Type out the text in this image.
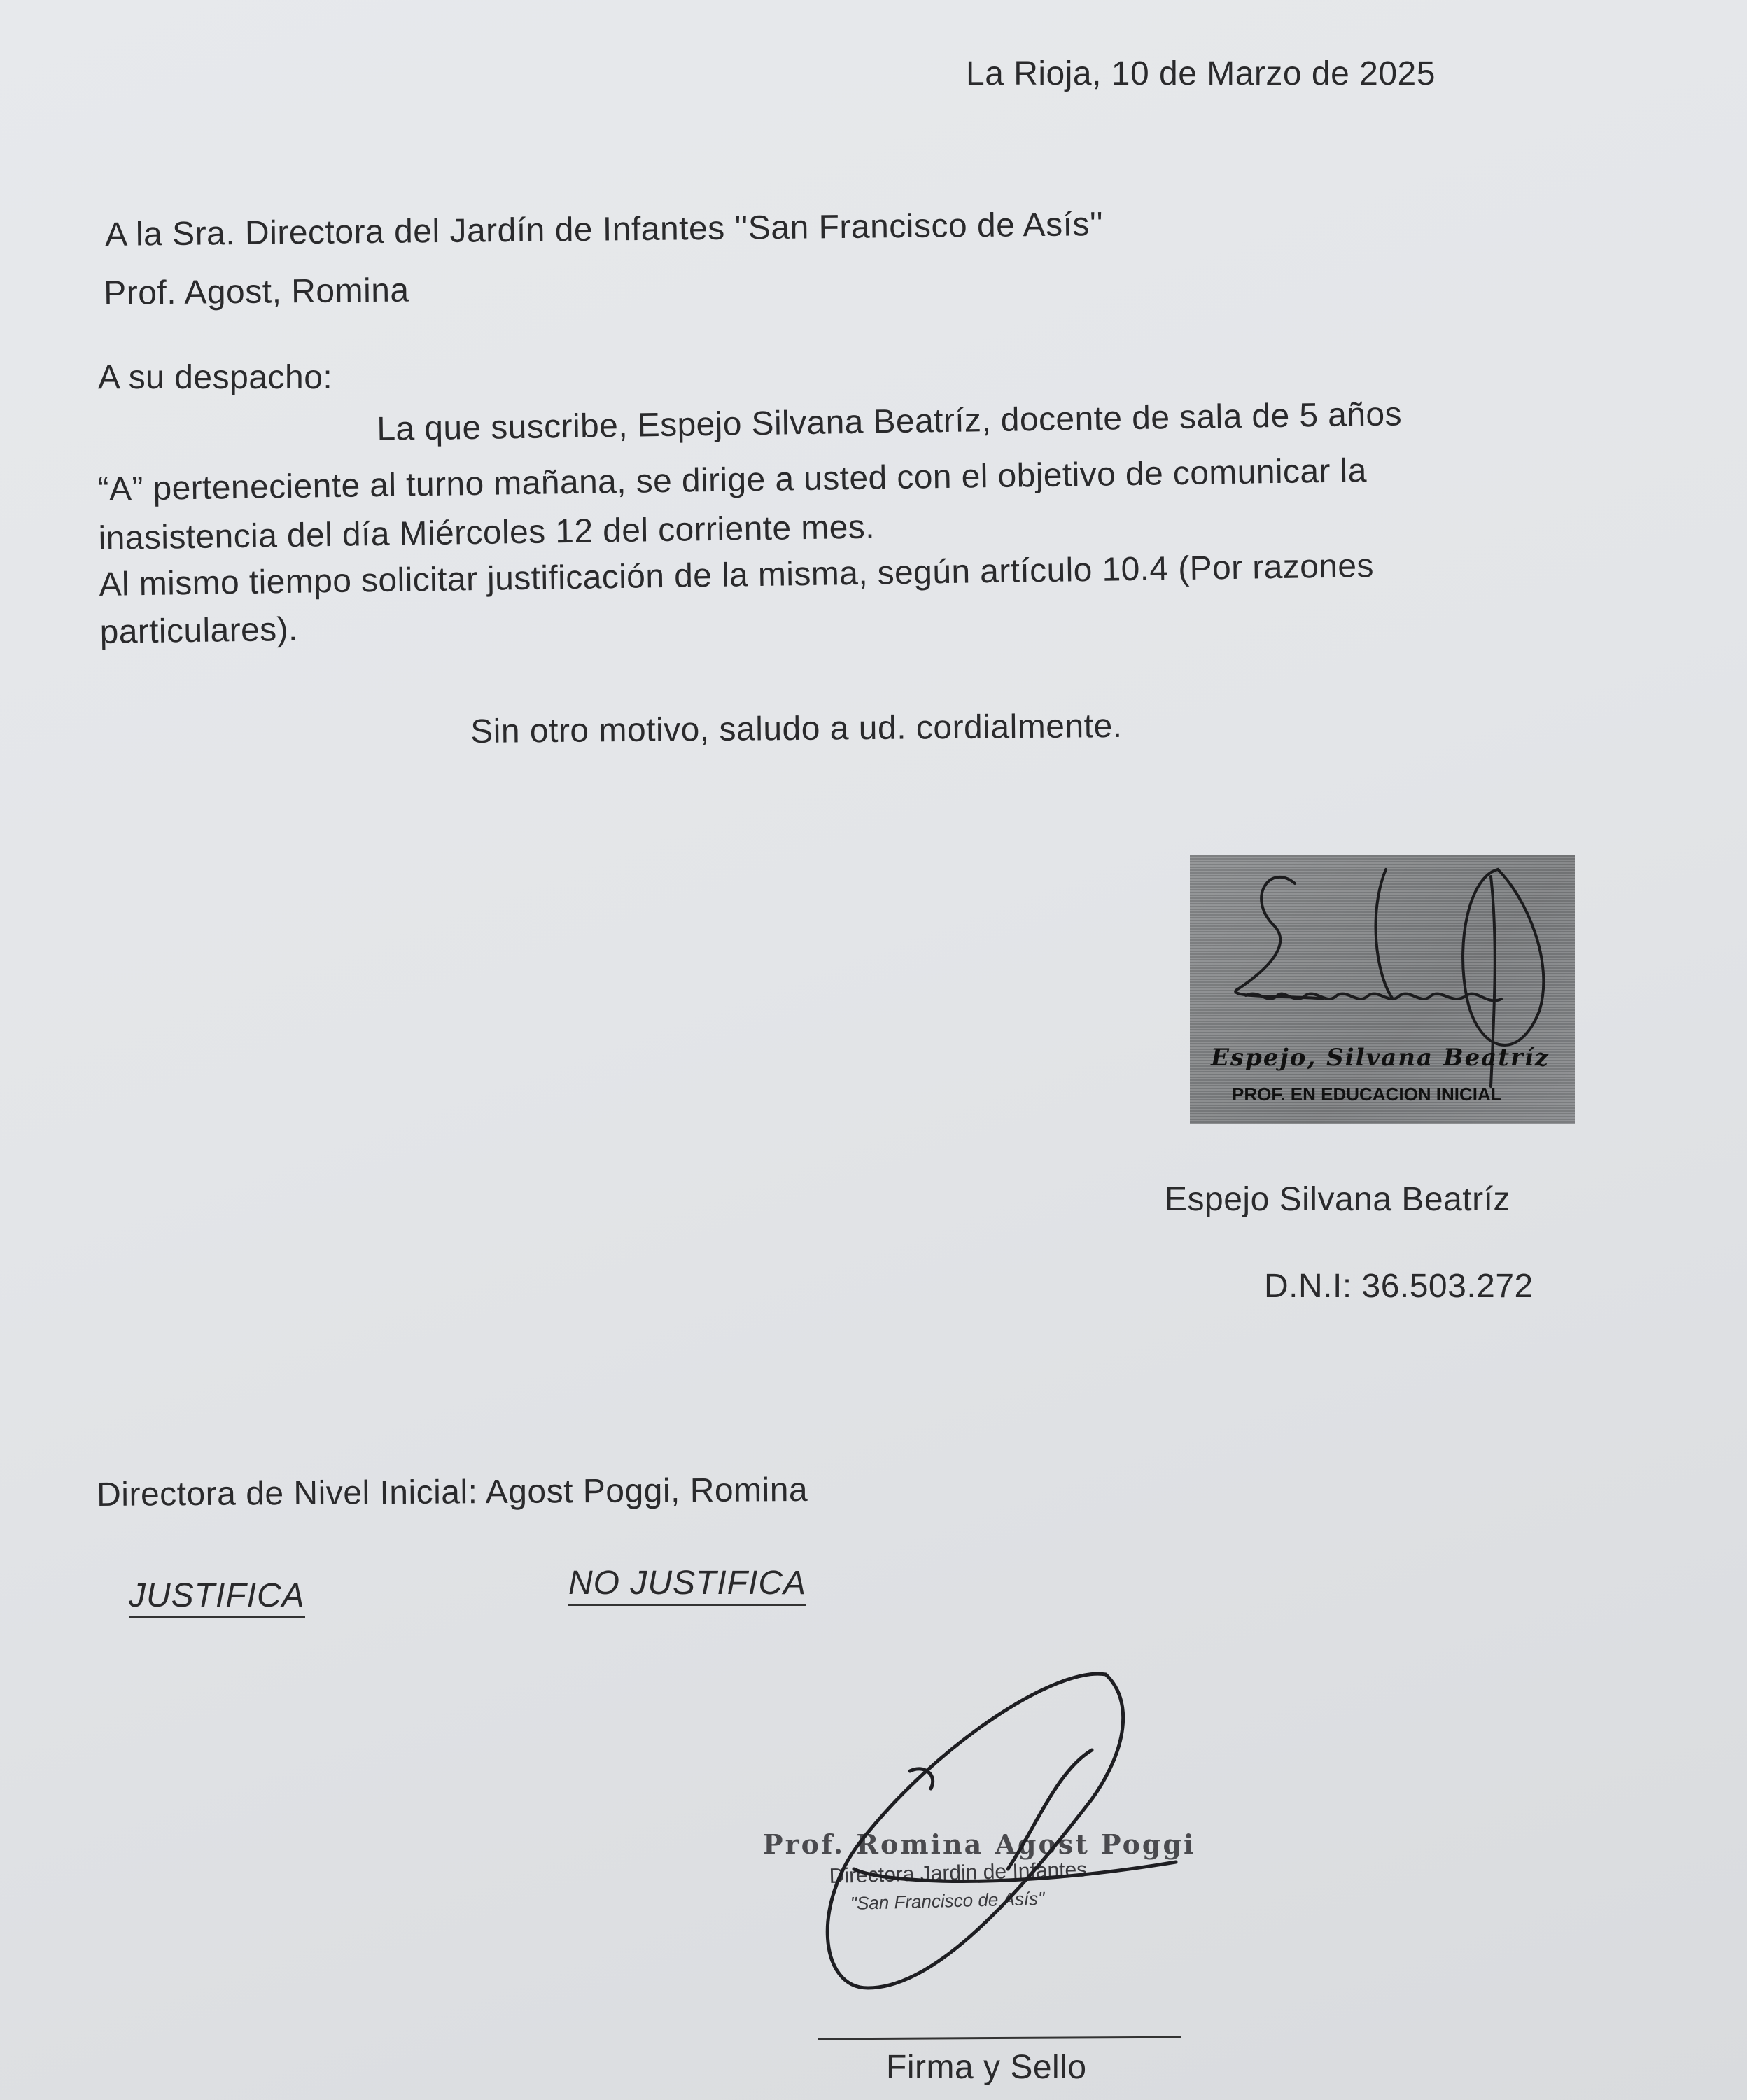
La Rioja, 10 de Marzo de 2025

A la Sra. Directora del Jardín de Infantes ''San Francisco de Asís''

Prof. Agost, Romina

A su despacho:

La que suscribe, Espejo Silvana Beatríz, docente de sala de 5 años
“A” perteneciente al turno mañana, se dirige a usted con el objetivo de comunicar la
inasistencia del día Miércoles 12 del corriente mes.
Al mismo tiempo solicitar justificación de la misma, según artículo 10.4 (Por razones
particulares).

Sin otro motivo, saludo a ud. cordialmente.

Espejo, Silvana Beatríz
PROF. EN EDUCACION INICIAL

Espejo Silvana Beatríz

D.N.I: 36.503.272

Directora de Nivel Inicial: Agost Poggi, Romina

JUSTIFICA	NO JUSTIFICA
Prof. Romina Agost Poggi
Directora Jardin de Infantes
"San Francisco de Asís"

Firma y Sello
